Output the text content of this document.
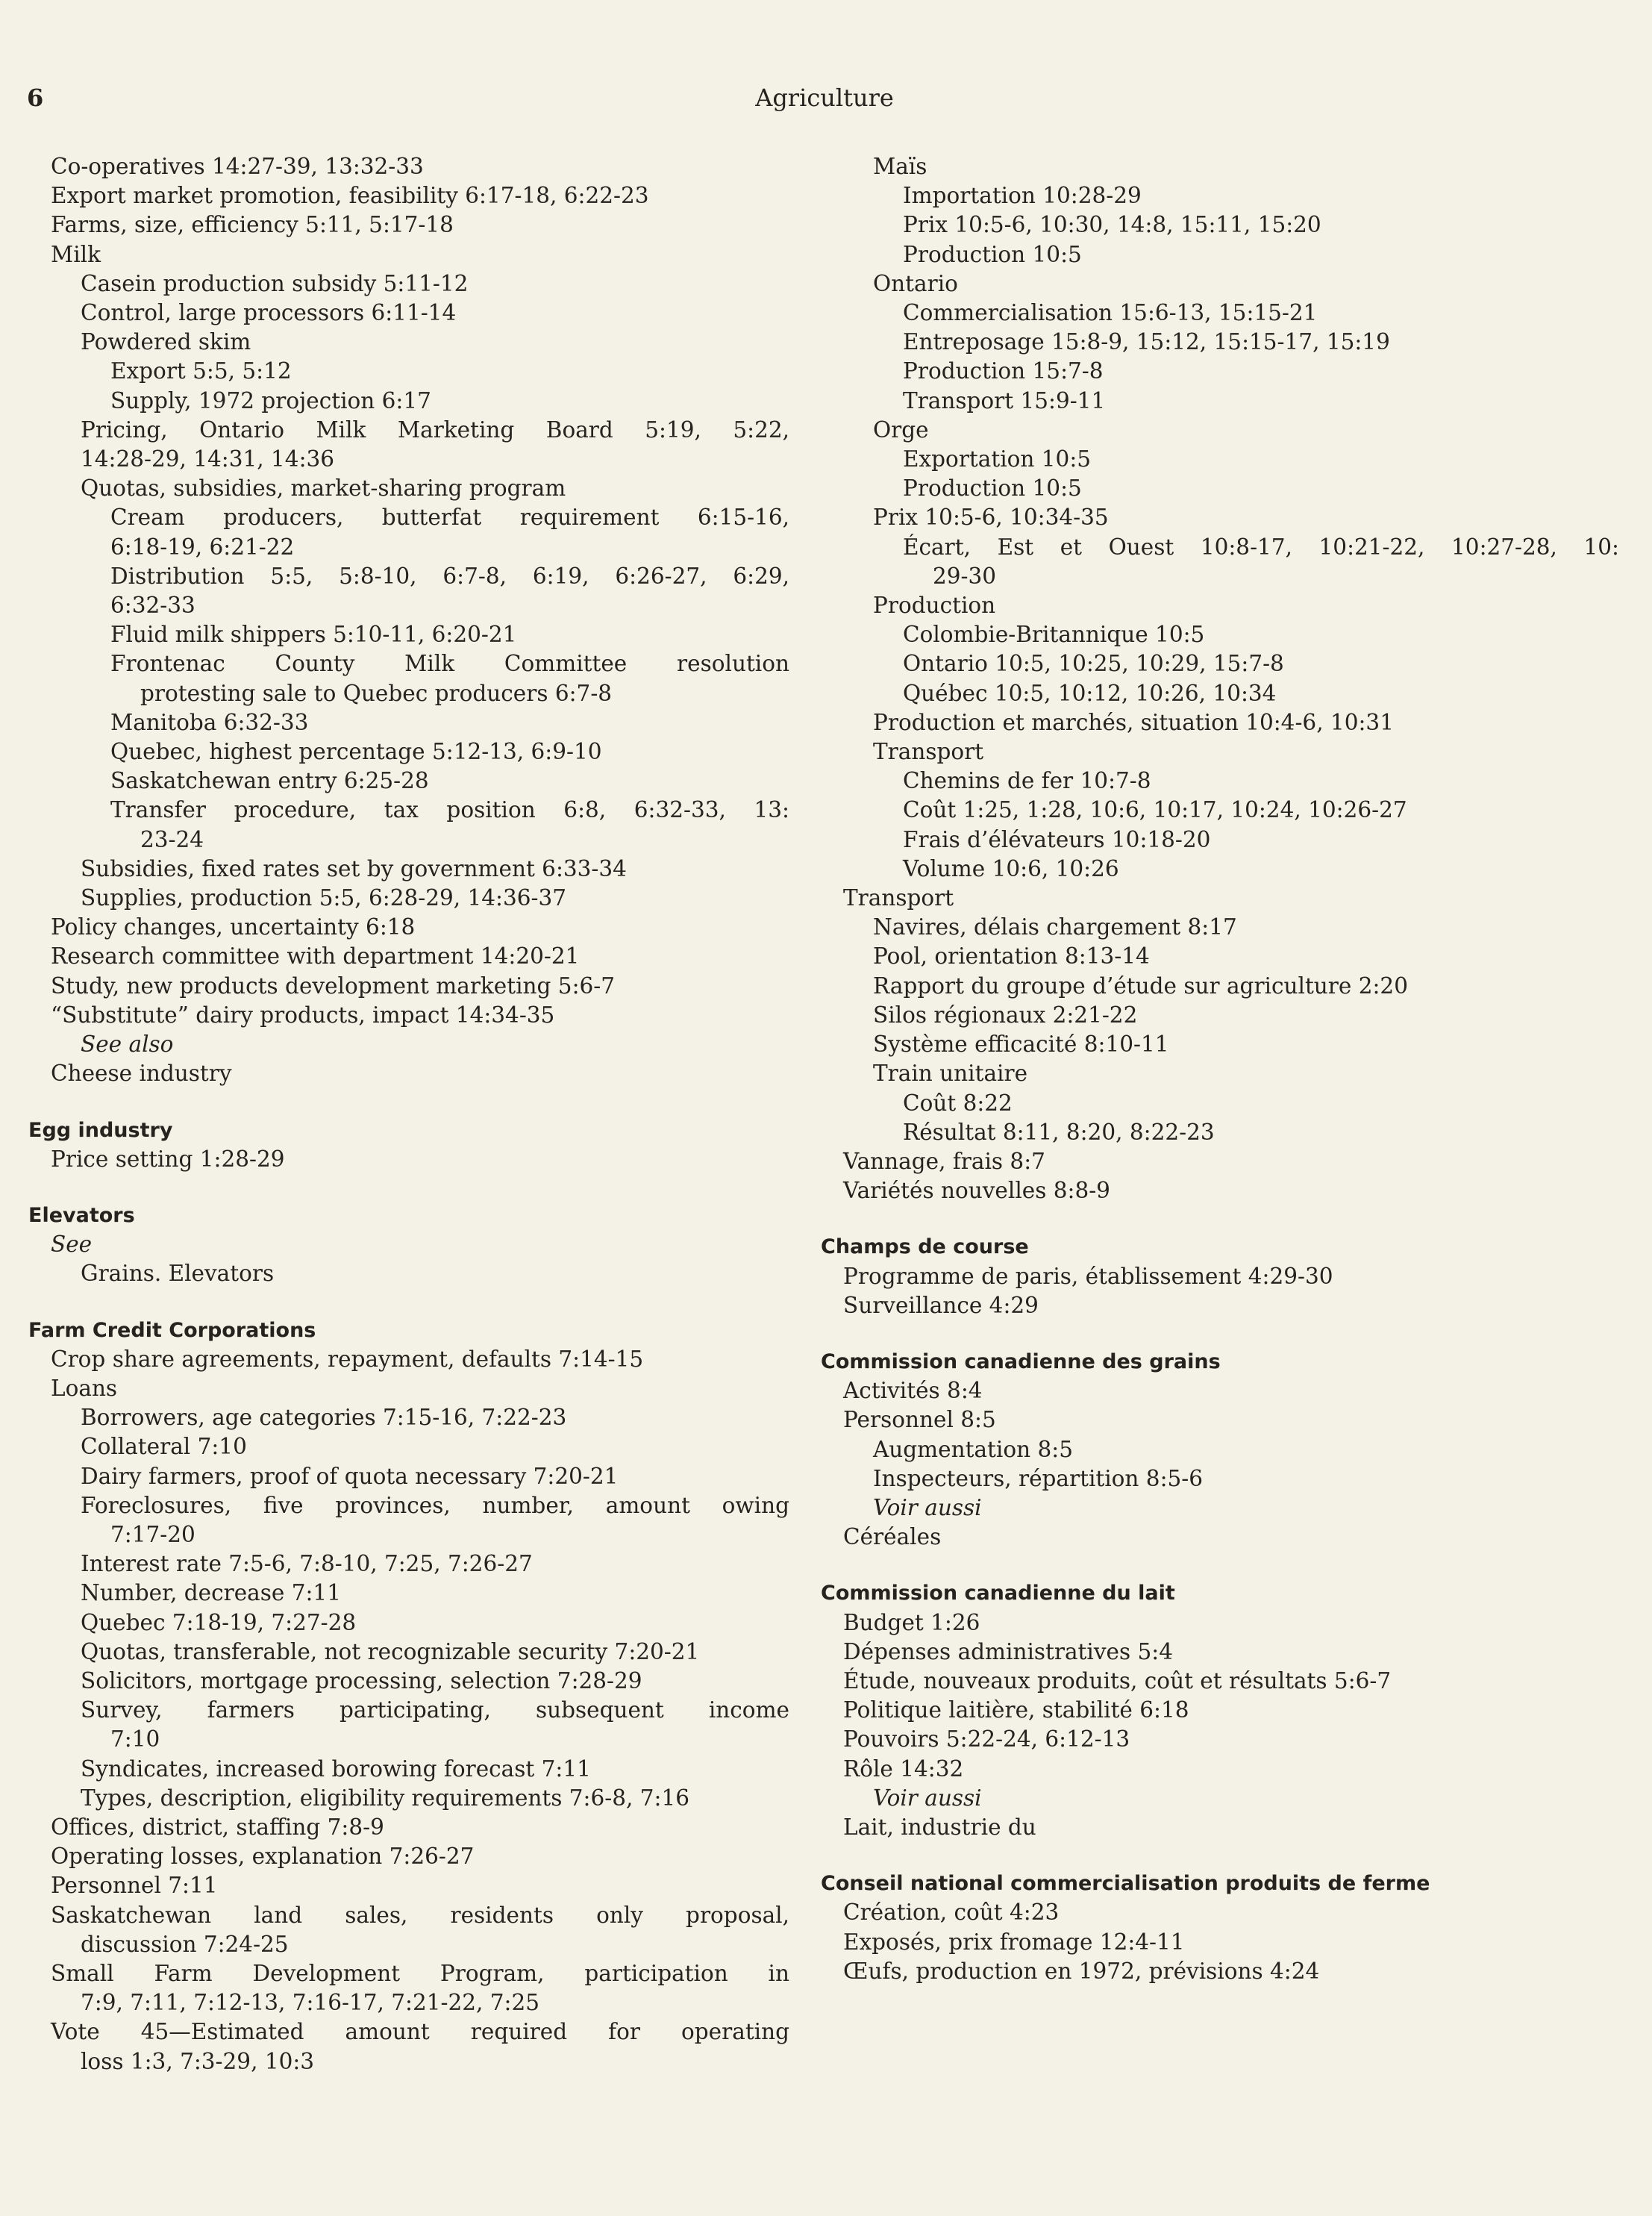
6	Agriculture
Co-operatives 14:27-39, 13:32-33
Export market promotion, feasibility 6:17-18, 6:22-23
Farms, size, efficiency 5:11, 5:17-18
Milk
Casein production subsidy 5:11-12
Control, large processors 6:11-14
Powdered skim
Export 5:5, 5:12
Supply, 1972 projection 6:17
Pricing, Ontario Milk Marketing Board 5:19, 5:22,
14:28-29, 14:31, 14:36
Quotas, subsidies, market-sharing program
Cream producers, butterfat requirement 6:15-16,
6:18-19, 6:21-22
Distribution 5:5, 5:8-10, 6:7-8, 6:19, 6:26-27, 6:29,
6:32-33
Fluid milk shippers 5:10-11, 6:20-21
Frontenac County Milk Committee resolution
protesting sale to Quebec producers 6:7-8
Manitoba 6:32-33
Quebec, highest percentage 5:12-13, 6:9-10
Saskatchewan entry 6:25-28
Transfer procedure, tax position 6:8, 6:32-33, 13:
23-24
Subsidies, fixed rates set by government 6:33-34
Supplies, production 5:5, 6:28-29, 14:36-37
Policy changes, uncertainty 6:18
Research committee with department 14:20-21
Study, new products development marketing 5:6-7
“Substitute” dairy products, impact 14:34-35
See also
Cheese industry
Egg industry
Price setting 1:28-29
Elevators
See
Grains. Elevators
Farm Credit Corporations
Crop share agreements, repayment, defaults 7:14-15
Loans
Borrowers, age categories 7:15-16, 7:22-23
Collateral 7:10
Dairy farmers, proof of quota necessary 7:20-21
Foreclosures, five provinces, number, amount owing
7:17-20
Interest rate 7:5-6, 7:8-10, 7:25, 7:26-27
Number, decrease 7:11
Quebec 7:18-19, 7:27-28
Quotas, transferable, not recognizable security 7:20-21
Solicitors, mortgage processing, selection 7:28-29
Survey, farmers participating, subsequent income
7:10
Syndicates, increased borowing forecast 7:11
Types, description, eligibility requirements 7:6-8, 7:16
Offices, district, staffing 7:8-9
Operating losses, explanation 7:26-27
Personnel 7:11
Saskatchewan land sales, residents only proposal,
discussion 7:24-25
Small Farm Development Program, participation in
7:9, 7:11, 7:12-13, 7:16-17, 7:21-22, 7:25
Vote 45—Estimated amount required for operating
loss 1:3, 7:3-29, 10:3
Maïs
Importation 10:28-29
Prix 10:5-6, 10:30, 14:8, 15:11, 15:20
Production 10:5
Ontario
Commercialisation 15:6-13, 15:15-21
Entreposage 15:8-9, 15:12, 15:15-17, 15:19
Production 15:7-8
Transport 15:9-11
Orge
Exportation 10:5
Production 10:5
Prix 10:5-6, 10:34-35
Écart, Est et Ouest 10:8-17, 10:21-22, 10:27-28, 10:
29-30
Production
Colombie-Britannique 10:5
Ontario 10:5, 10:25, 10:29, 15:7-8
Québec 10:5, 10:12, 10:26, 10:34
Production et marchés, situation 10:4-6, 10:31
Transport
Chemins de fer 10:7-8
Coût 1:25, 1:28, 10:6, 10:17, 10:24, 10:26-27
Frais d’élévateurs 10:18-20
Volume 10:6, 10:26
Transport
Navires, délais chargement 8:17
Pool, orientation 8:13-14
Rapport du groupe d’étude sur agriculture 2:20
Silos régionaux 2:21-22
Système efficacité 8:10-11
Train unitaire
Coût 8:22
Résultat 8:11, 8:20, 8:22-23
Vannage, frais 8:7
Variétés nouvelles 8:8-9
Champs de course
Programme de paris, établissement 4:29-30
Surveillance 4:29
Commission canadienne des grains
Activités 8:4
Personnel 8:5
Augmentation 8:5
Inspecteurs, répartition 8:5-6
Voir aussi
Céréales
Commission canadienne du lait
Budget 1:26
Dépenses administratives 5:4
Étude, nouveaux produits, coût et résultats 5:6-7
Politique laitière, stabilité 6:18
Pouvoirs 5:22-24, 6:12-13
Rôle 14:32
Voir aussi
Lait, industrie du
Conseil national commercialisation produits de ferme
Création, coût 4:23
Exposés, prix fromage 12:4-11
Œufs, production en 1972, prévisions 4:24
